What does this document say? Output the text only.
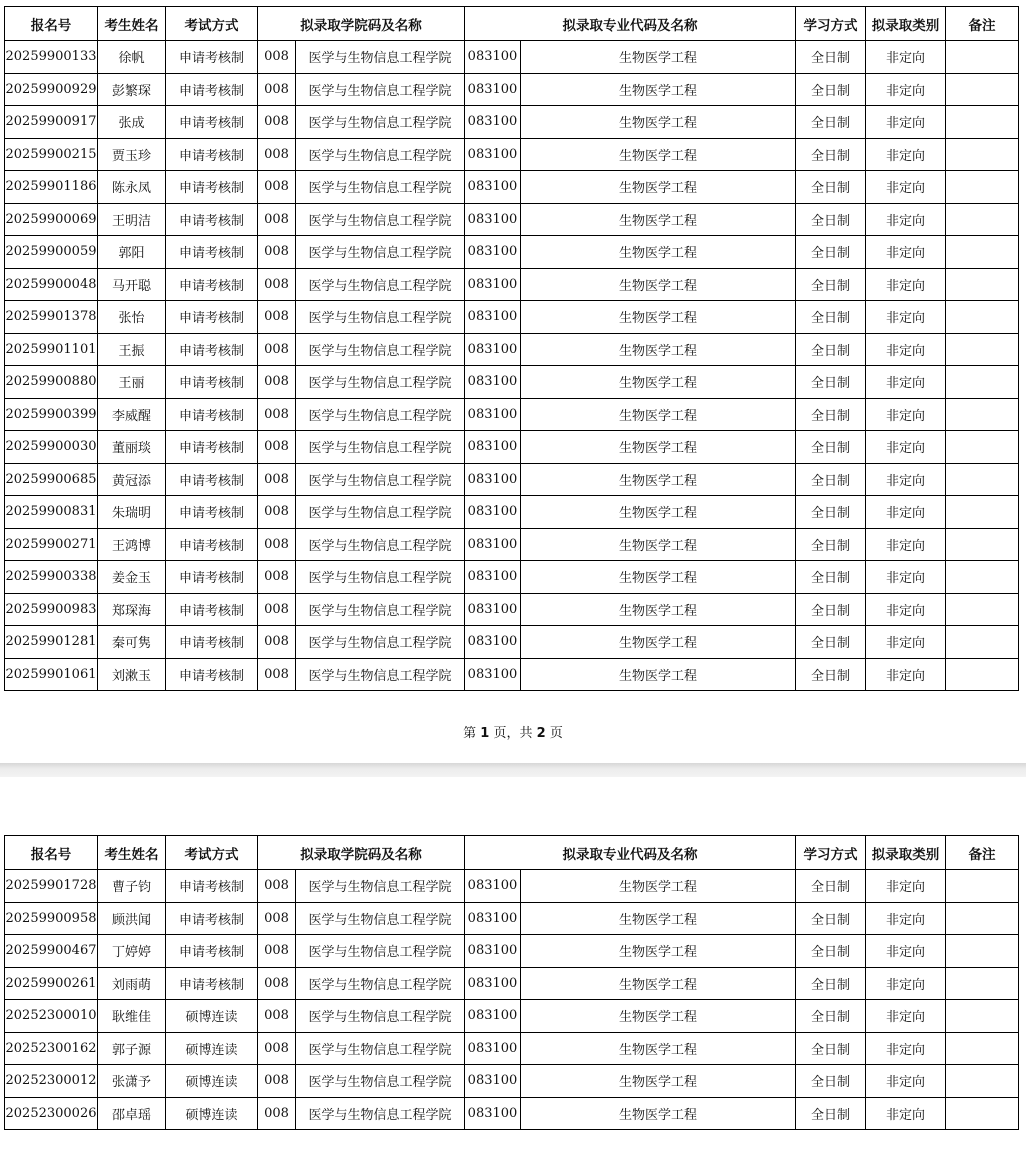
报名号	考生姓名	考试方式	拟录取学院码及名称		拟录取专业代码及名称		学习方式	拟录取类别	备注
20259900133	徐帆	申请考核制	008	医学与生物信息工程学院	083100	生物医学工程	全日制	非定向	
20259900929	彭繁琛	申请考核制	008	医学与生物信息工程学院	083100	生物医学工程	全日制	非定向	
20259900917	张成	申请考核制	008	医学与生物信息工程学院	083100	生物医学工程	全日制	非定向	
20259900215	贾玉珍	申请考核制	008	医学与生物信息工程学院	083100	生物医学工程	全日制	非定向	
20259901186	陈永凤	申请考核制	008	医学与生物信息工程学院	083100	生物医学工程	全日制	非定向	
20259900069	王明洁	申请考核制	008	医学与生物信息工程学院	083100	生物医学工程	全日制	非定向	
20259900059	郭阳	申请考核制	008	医学与生物信息工程学院	083100	生物医学工程	全日制	非定向	
20259900048	马开聪	申请考核制	008	医学与生物信息工程学院	083100	生物医学工程	全日制	非定向	
20259901378	张怡	申请考核制	008	医学与生物信息工程学院	083100	生物医学工程	全日制	非定向	
20259901101	王振	申请考核制	008	医学与生物信息工程学院	083100	生物医学工程	全日制	非定向	
20259900880	王丽	申请考核制	008	医学与生物信息工程学院	083100	生物医学工程	全日制	非定向	
20259900399	李威醒	申请考核制	008	医学与生物信息工程学院	083100	生物医学工程	全日制	非定向	
20259900030	董丽琰	申请考核制	008	医学与生物信息工程学院	083100	生物医学工程	全日制	非定向	
20259900685	黄冠添	申请考核制	008	医学与生物信息工程学院	083100	生物医学工程	全日制	非定向	
20259900831	朱瑞明	申请考核制	008	医学与生物信息工程学院	083100	生物医学工程	全日制	非定向	
20259900271	王鸿博	申请考核制	008	医学与生物信息工程学院	083100	生物医学工程	全日制	非定向	
20259900338	姜金玉	申请考核制	008	医学与生物信息工程学院	083100	生物医学工程	全日制	非定向	
20259900983	郑琛海	申请考核制	008	医学与生物信息工程学院	083100	生物医学工程	全日制	非定向	
20259901281	秦可隽	申请考核制	008	医学与生物信息工程学院	083100	生物医学工程	全日制	非定向	
20259901061	刘漱玉	申请考核制	008	医学与生物信息工程学院	083100	生物医学工程	全日制	非定向	
第 1 页，共 2 页
报名号	考生姓名	考试方式	拟录取学院码及名称		拟录取专业代码及名称		学习方式	拟录取类别	备注
20259901728	曹子钧	申请考核制	008	医学与生物信息工程学院	083100	生物医学工程	全日制	非定向	
20259900958	顾洪闻	申请考核制	008	医学与生物信息工程学院	083100	生物医学工程	全日制	非定向	
20259900467	丁婷婷	申请考核制	008	医学与生物信息工程学院	083100	生物医学工程	全日制	非定向	
20259900261	刘雨萌	申请考核制	008	医学与生物信息工程学院	083100	生物医学工程	全日制	非定向	
20252300010	耿维佳	硕博连读	008	医学与生物信息工程学院	083100	生物医学工程	全日制	非定向	
20252300162	郭子源	硕博连读	008	医学与生物信息工程学院	083100	生物医学工程	全日制	非定向	
20252300012	张潇予	硕博连读	008	医学与生物信息工程学院	083100	生物医学工程	全日制	非定向	
20252300026	邵卓瑶	硕博连读	008	医学与生物信息工程学院	083100	生物医学工程	全日制	非定向	
